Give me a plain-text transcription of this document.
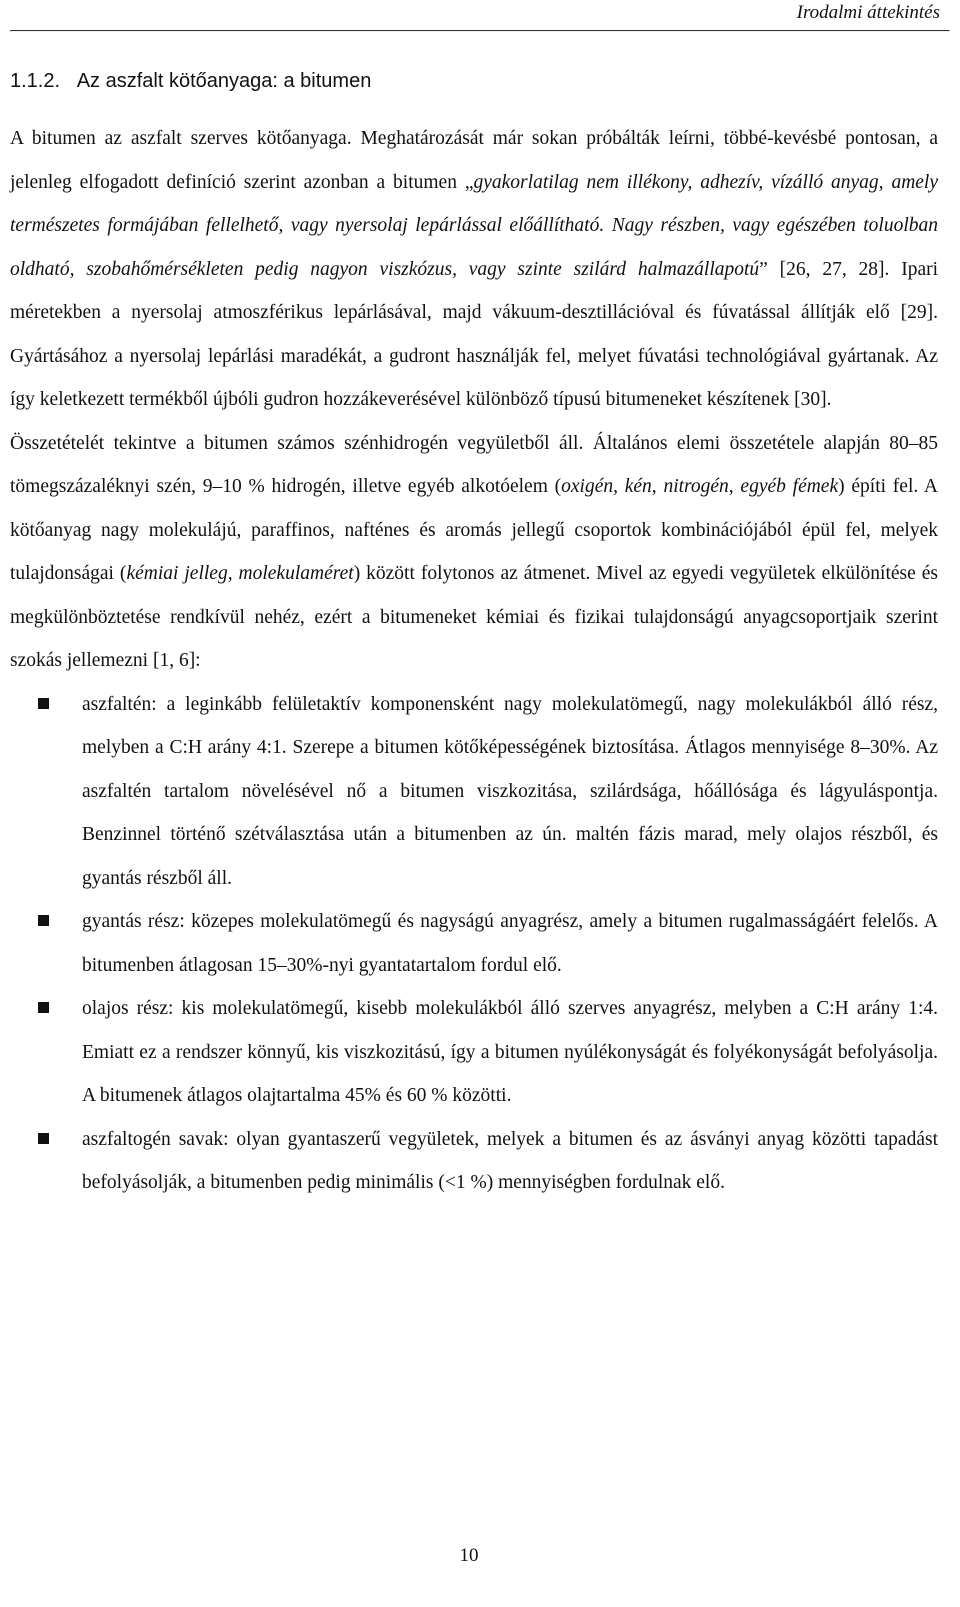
Irodalmi áttekintés
1.1.2. Az aszfalt kötőanyaga: a bitumen

A bitumen az aszfalt szerves kötőanyaga. Meghatározását már sokan próbálták leírni, többé-kevésbé pontosan, a jelenleg elfogadott definíció szerint azonban a bitumen „gyakorlatilag nem illékony, adhezív, vízálló anyag, amely természetes formájában fellelhető, vagy nyersolaj lepárlással előállítható. Nagy részben, vagy egészében toluolban oldható, szobahőmérsékleten pedig nagyon viszkózus, vagy szinte szilárd halmazállapotú” [26, 27, 28]. Ipari méretekben a nyersolaj atmoszférikus lepárlásával, majd vákuum-desztillációval és fúvatással állítják elő [29]. Gyártásához a nyersolaj lepárlási maradékát, a gudront használják fel, melyet fúvatási technológiával gyártanak. Az így keletkezett termékből újbóli gudron hozzákeverésével különböző típusú bitumeneket készítenek [30].

Összetételét tekintve a bitumen számos szénhidrogén vegyületből áll. Általános elemi összetétele alapján 80–85 tömegszázaléknyi szén, 9–10 % hidrogén, illetve egyéb alkotóelem (oxigén, kén, nitrogén, egyéb fémek) építi fel. A kötőanyag nagy molekulájú, paraffinos, nafténes és aromás jellegű csoportok kombinációjából épül fel, melyek tulajdonságai (kémiai jelleg, molekulaméret) között folytonos az átmenet. Mivel az egyedi vegyületek elkülönítése és megkülönböztetése rendkívül nehéz, ezért a bitumeneket kémiai és fizikai tulajdonságú anyagcsoportjaik szerint szokás jellemezni [1, 6]:

aszfaltén: a leginkább felületaktív komponensként nagy molekulatömegű, nagy molekulákból álló rész, melyben a C:H arány 4:1. Szerepe a bitumen kötőképességének biztosítása. Átlagos mennyisége 8–30%. Az aszfaltén tartalom növelésével nő a bitumen viszkozitása, szilárdsága, hőállósága és lágyuláspontja. Benzinnel történő szétválasztása után a bitumenben az ún. maltén fázis marad, mely olajos részből, és gyantás részből áll.
gyantás rész: közepes molekulatömegű és nagyságú anyagrész, amely a bitumen rugalmasságáért felelős. A bitumenben átlagosan 15–30%-nyi gyantatartalom fordul elő.
olajos rész: kis molekulatömegű, kisebb molekulákból álló szerves anyagrész, melyben a C:H arány 1:4. Emiatt ez a rendszer könnyű, kis viszkozitású, így a bitumen nyúlékonyságát és folyékonyságát befolyásolja. A bitumenek átlagos olajtartalma 45% és 60 % közötti.
aszfaltogén savak: olyan gyantaszerű vegyületek, melyek a bitumen és az ásványi anyag közötti tapadást befolyásolják, a bitumenben pedig minimális (<1 %) mennyiségben fordulnak elő.
10
